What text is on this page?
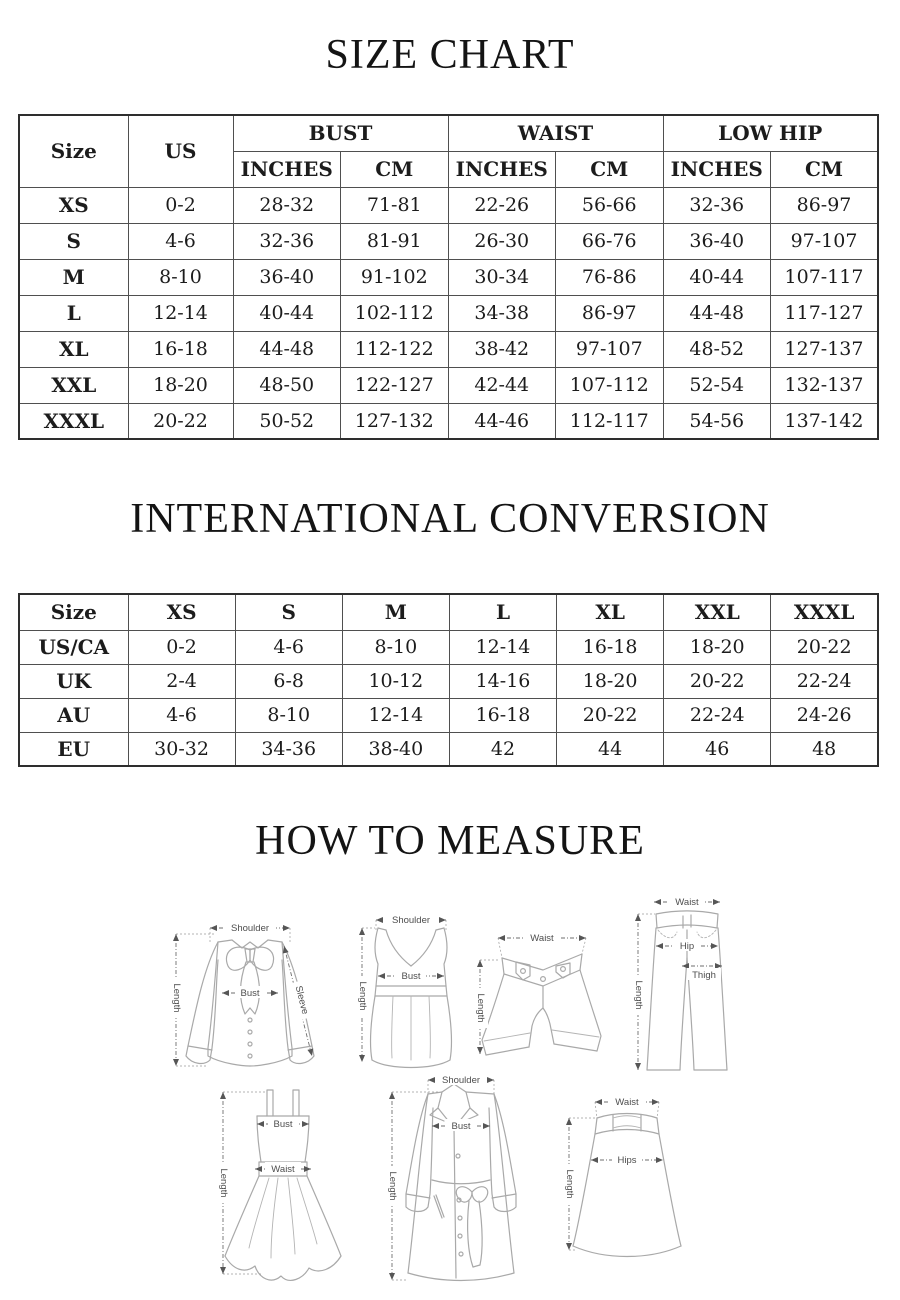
SIZE CHART
Size	US	BUST		WAIST		LOW HIP	
		INCHES	CM	INCHES	CM	INCHES	CM
XS	0-2	28-32	71-81	22-26	56-66	32-36	86-97
S	4-6	32-36	81-91	26-30	66-76	36-40	97-107
M	8-10	36-40	91-102	30-34	76-86	40-44	107-117
L	12-14	40-44	102-112	34-38	86-97	44-48	117-127
XL	16-18	44-48	112-122	38-42	97-107	48-52	127-137
XXL	18-20	48-50	122-127	42-44	107-112	52-54	132-137
XXXL	20-22	50-52	127-132	44-46	112-117	54-56	137-142
INTERNATIONAL CONVERSION
Size	XS	S	M	L	XL	XXL	XXXL
US/CA	0-2	4-6	8-10	12-14	16-18	18-20	20-22
UK	2-4	6-8	10-12	14-16	18-20	20-22	22-24
AU	4-6	8-10	12-14	16-18	20-22	22-24	24-26
EU	30-32	34-36	38-40	42	44	46	48
HOW TO MEASURE
Shoulder
Length	Bust	Sleeve
Shoulder
Length
Bust
Waist
Length
Waist
Hip
Thigh
Length
Bust
Waist
Length
Shoulder
Bust
Length
Waist
Hips
Length
